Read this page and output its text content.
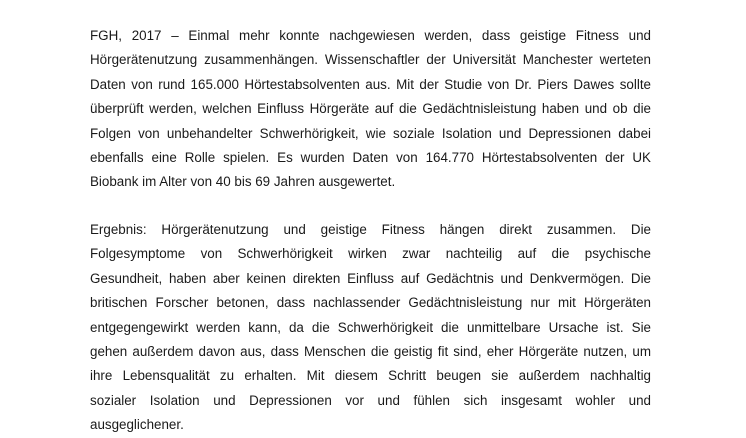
FGH, 2017 – Einmal mehr konnte nachgewiesen werden, dass geistige Fitness und
Hörgerätenutzung zusammenhängen. Wissenschaftler der Universität Manchester werteten
Daten von rund 165.000 Hörtestabsolventen aus. Mit der Studie von Dr. Piers Dawes sollte
überprüft werden, welchen Einfluss Hörgeräte auf die Gedächtnisleistung haben und ob die
Folgen von unbehandelter Schwerhörigkeit, wie soziale Isolation und Depressionen dabei
ebenfalls eine Rolle spielen. Es wurden Daten von 164.770 Hörtestabsolventen der UK
Biobank im Alter von 40 bis 69 Jahren ausgewertet.
Ergebnis: Hörgerätenutzung und geistige Fitness hängen direkt zusammen. Die
Folgesymptome von Schwerhörigkeit wirken zwar nachteilig auf die psychische
Gesundheit, haben aber keinen direkten Einfluss auf Gedächtnis und Denkvermögen. Die
britischen Forscher betonen, dass nachlassender Gedächtnisleistung nur mit Hörgeräten
entgegengewirkt werden kann, da die Schwerhörigkeit die unmittelbare Ursache ist. Sie
gehen außerdem davon aus, dass Menschen die geistig fit sind, eher Hörgeräte nutzen, um
ihre Lebensqualität zu erhalten. Mit diesem Schritt beugen sie außerdem nachhaltig
sozialer Isolation und Depressionen vor und fühlen sich insgesamt wohler und
ausgeglichener.
